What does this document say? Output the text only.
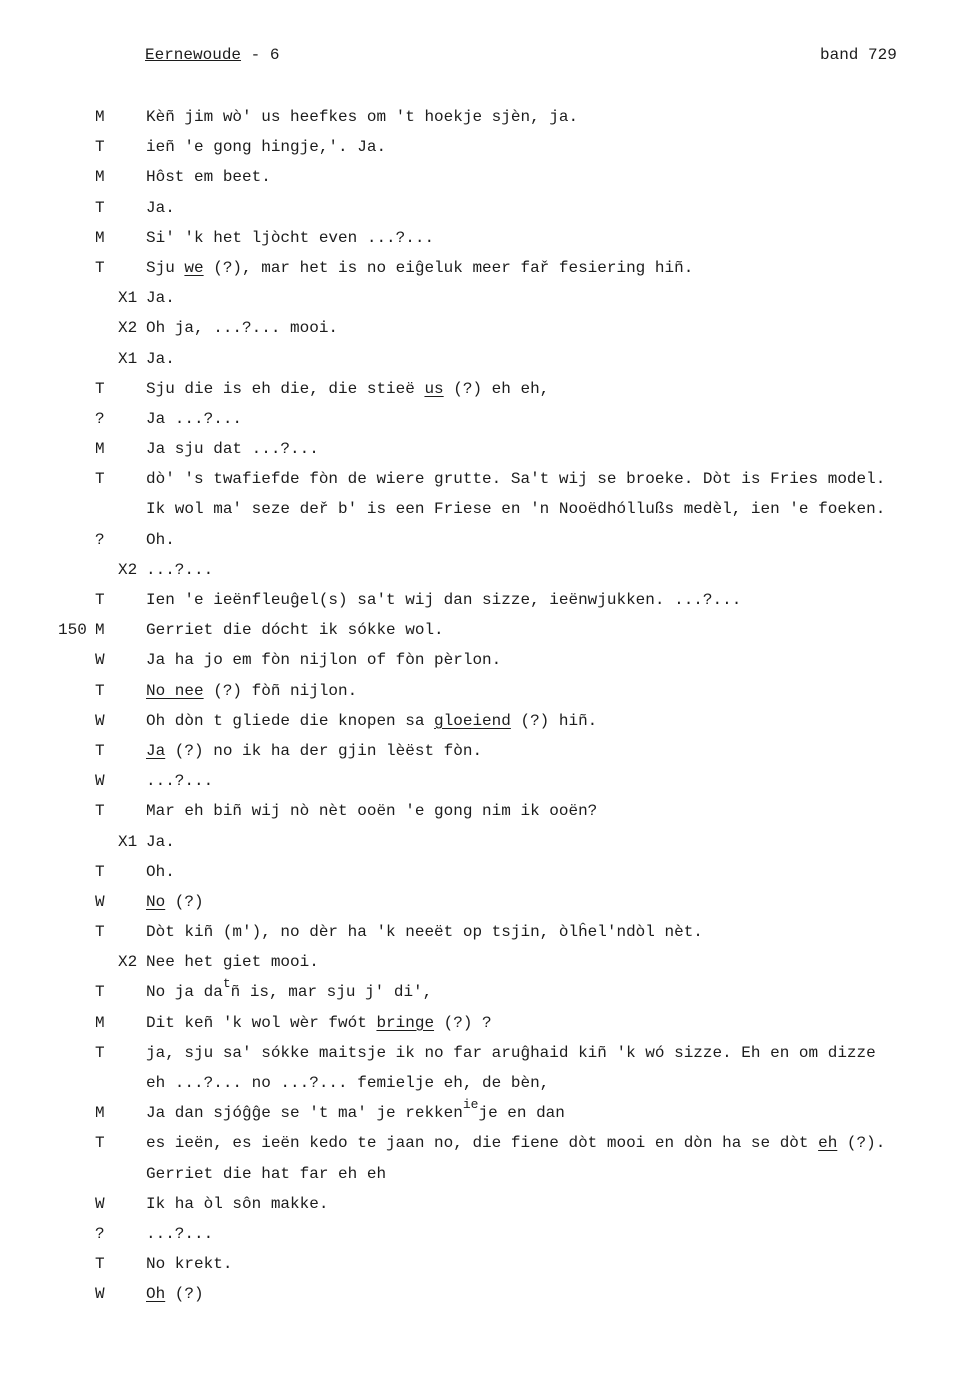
Eernewoude - 6	band 729
M	Kèñ jim wò' us heefkes om 't hoekje sjèn, ja.
T	ieñ 'e gong hingje,'. Ja.
M	Hôst em beet.
T	Ja.
M	Si' 'k het ljòcht even ...?...
T	Sju we (?), mar het is no eiĝeluk meer fař fesiering hiñ.
X1 Ja.
X2 Oh ja, ...?... mooi.
X1 Ja.
T	Sju die is eh die, die stieë us (?) eh eh,
?	Ja ...?...
M	Ja sju dat ...?...
T	dò' 's twafiefde fòn de wiere grutte. Sa't wij se broeke. Dòt is Fries model.
Ik wol ma' seze deř b' is een Friese en 'n Nooëdhóllußs medèl, ien 'e foeken.
?	Oh.
X2 ...?...
T	Ien 'e ieënfleuĝel(s) sa't wij dan sizze, ieënwjukken. ...?...
150 M	Gerriet die dócht ik sókke wol.
W	Ja ha jo em fòn nijlon of fòn pèrlon.
T	No nee (?) fòñ nijlon.
W	Oh dòn t gliede die knopen sa gloeiend (?) hiñ.
T	Ja (?) no ik ha der gjin lèëst fòn.
W	...?...
T	Mar eh biñ wij nò nèt ooën 'e gong nim ik ooën?
X1 Ja.
T	Oh.
W	No (?)
T	Dòt kiñ (m'), no dèr ha 'k neeët op tsjin, òlĥel'ndòl nèt.
X2 Nee het giet mooi.
T	No ja $da^tñ$ is, mar sju j' di',
M	Dit keñ 'k wol wèr fwót bringe (?) ?
T	ja, sju sa' sókke maitsje ik no far aruĝhaid kiñ 'k wó sizze. Eh en om dizze
eh ...?... no ...?... femielje eh, de bèn,
M	Ja dan sjóĝĝe se 't ma' je rekken$^{ie}$je en dan
T	es ieën, es ieën kedo te jaan no, die fiene dòt mooi en dòn ha se dòt eh (?).
Gerriet die hat far eh eh
W	Ik ha òl sôn makke.
?	...?...
T	No krekt.
W	Oh (?)
